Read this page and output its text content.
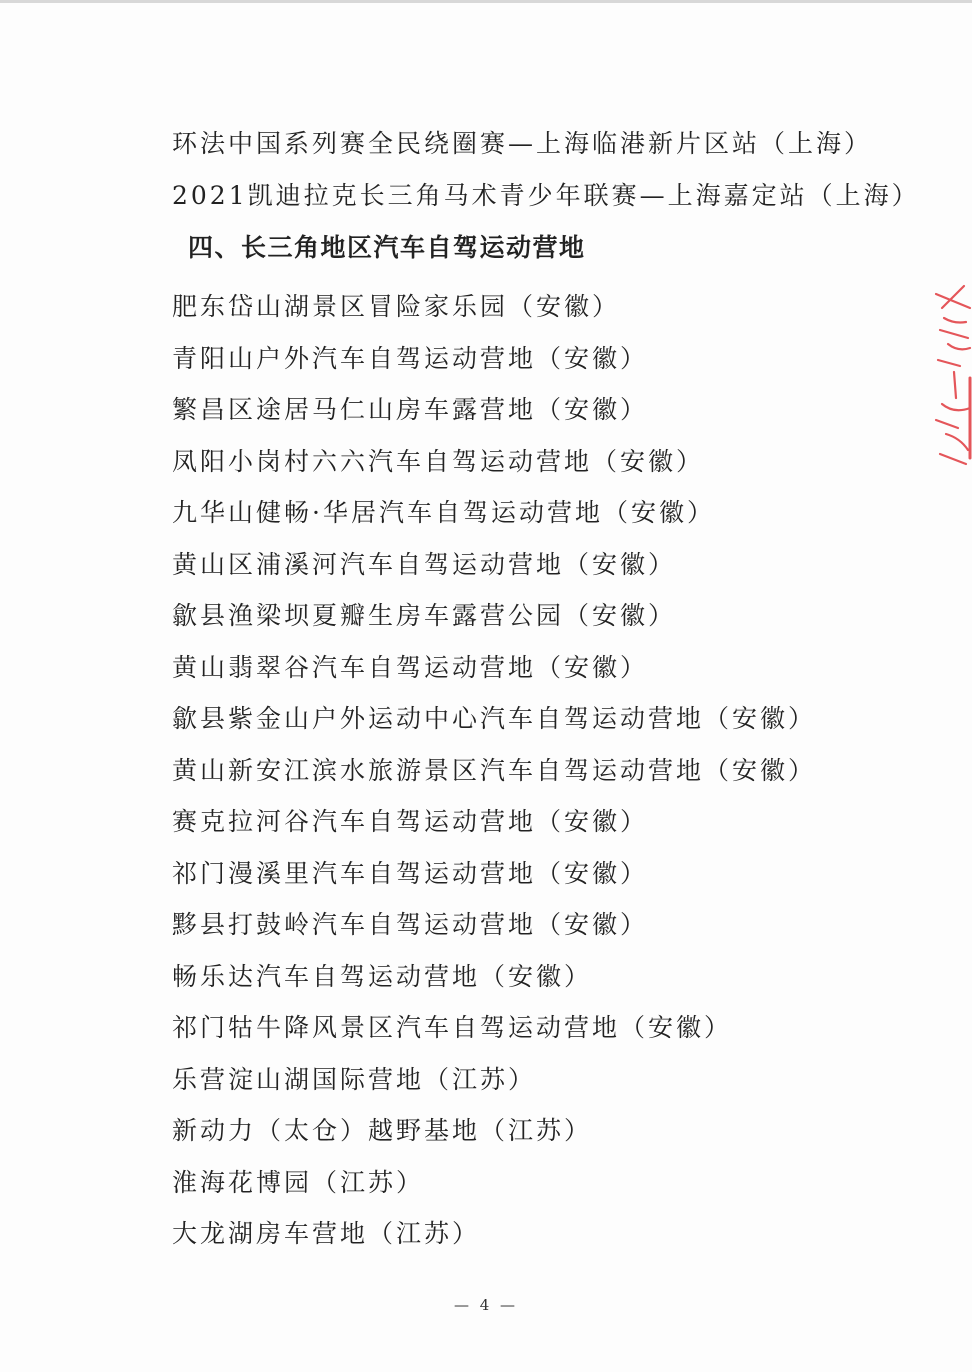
环法中国系列赛全民绕圈赛—上海临港新片区站（上海）
2021凯迪拉克长三角马术青少年联赛—上海嘉定站（上海）
四、长三角地区汽车自驾运动营地
肥东岱山湖景区冒险家乐园（安徽）
青阳山户外汽车自驾运动营地（安徽）
繁昌区途居马仁山房车露营地（安徽）
凤阳小岗村六六汽车自驾运动营地（安徽）
九华山健畅·华居汽车自驾运动营地（安徽）
黄山区浦溪河汽车自驾运动营地（安徽）
歙县渔梁坝夏瓣生房车露营公园（安徽）
黄山翡翠谷汽车自驾运动营地（安徽）
歙县紫金山户外运动中心汽车自驾运动营地（安徽）
黄山新安江滨水旅游景区汽车自驾运动营地（安徽）
赛克拉河谷汽车自驾运动营地（安徽）
祁门漫溪里汽车自驾运动营地（安徽）
黟县打鼓岭汽车自驾运动营地（安徽）
畅乐达汽车自驾运动营地（安徽）
祁门牯牛降风景区汽车自驾运动营地（安徽）
乐营淀山湖国际营地（江苏）
新动力（太仓）越野基地（江苏）
淮海花博园（江苏）
大龙湖房车营地（江苏）
— 4 —
